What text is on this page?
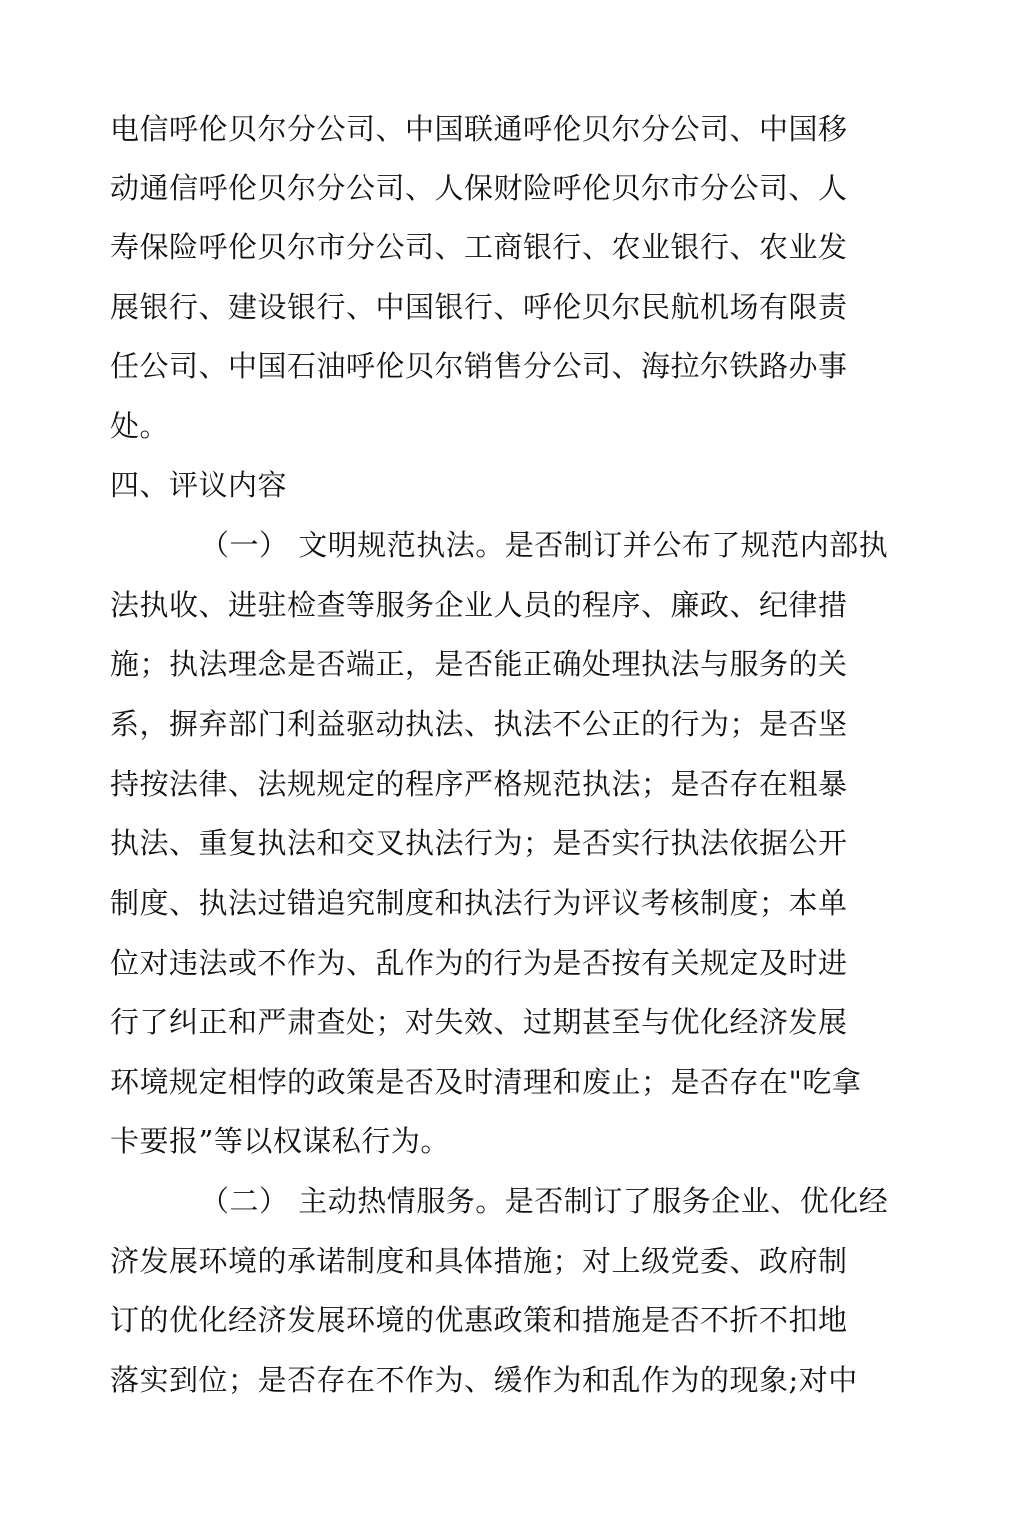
电信呼伦贝尔分公司、中国联通呼伦贝尔分公司、中国移
动通信呼伦贝尔分公司、人保财险呼伦贝尔市分公司、人
寿保险呼伦贝尔市分公司、工商银行、农业银行、农业发
展银行、建设银行、中国银行、呼伦贝尔民航机场有限责
任公司、中国石油呼伦贝尔销售分公司、海拉尔铁路办事
处。
四、评议内容
（一） 文明规范执法。是否制订并公布了规范内部执
法执收、进驻检查等服务企业人员的程序、廉政、纪律措
施；执法理念是否端正，是否能正确处理执法与服务的关
系，摒弃部门利益驱动执法、执法不公正的行为；是否坚
持按法律、法规规定的程序严格规范执法；是否存在粗暴
执法、重复执法和交叉执法行为；是否实行执法依据公开
制度、执法过错追究制度和执法行为评议考核制度；本单
位对违法或不作为、乱作为的行为是否按有关规定及时进
行了纠正和严肃查处；对失效、过期甚至与优化经济发展
环境规定相悖的政策是否及时清理和废止；是否存在"吃拿
卡要报”等以权谋私行为。
（二） 主动热情服务。是否制订了服务企业、优化经
济发展环境的承诺制度和具体措施；对上级党委、政府制
订的优化经济发展环境的优惠政策和措施是否不折不扣地
落实到位；是否存在不作为、缓作为和乱作为的现象;对中
